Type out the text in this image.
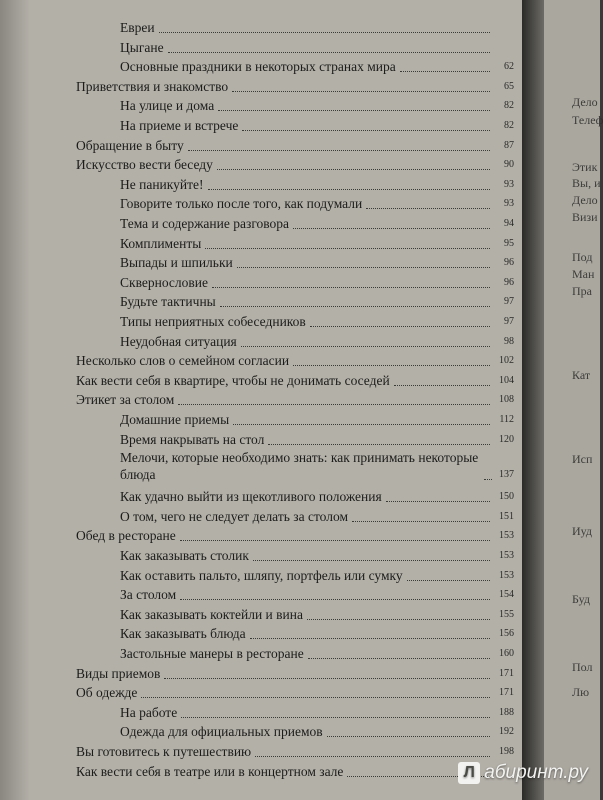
Евреи
Цыгане
Основные праздники в некоторых странах мира	62
Приветствия и знакомство	65
На улице и дома	82
На приеме и встрече	82
Обращение в быту	87
Искусство вести беседу	90
Не паникуйте!	93
Говорите только после того, как подумали	93
Тема и содержание разговора	94
Комплименты	95
Выпады и шпильки	96
Сквернословие	96
Будьте тактичны	97
Типы неприятных собеседников	97
Неудобная ситуация	98
Несколько слов о семейном согласии	102
Как вести себя в квартире, чтобы не донимать соседей	104
Этикет за столом	108
Домашние приемы	112
Время накрывать на стол	120
Мелочи, которые необходимо знать: как принимать некоторые блюда	137
Как удачно выйти из щекотливого положения	150
О том, чего не следует делать за столом	151
Обед в ресторане	153
Как заказывать столик	153
Как оставить пальто, шляпу, портфель или сумку	153
За столом	154
Как заказывать коктейли и вина	155
Как заказывать блюда	156
Застольные манеры в ресторане	160
Виды приемов	171
Об одежде	171
На работе	188
Одежда для официальных приемов	192
Вы готовитесь к путешествию	198
Как вести себя в театре или в концертном зале
Дело
Телеф
Этик
Вы, и
Дело
Визи
Под
Ман
Пра
Кат
Исп
Иуд
Буд
Пол
Лю
Л абиринт.ру
